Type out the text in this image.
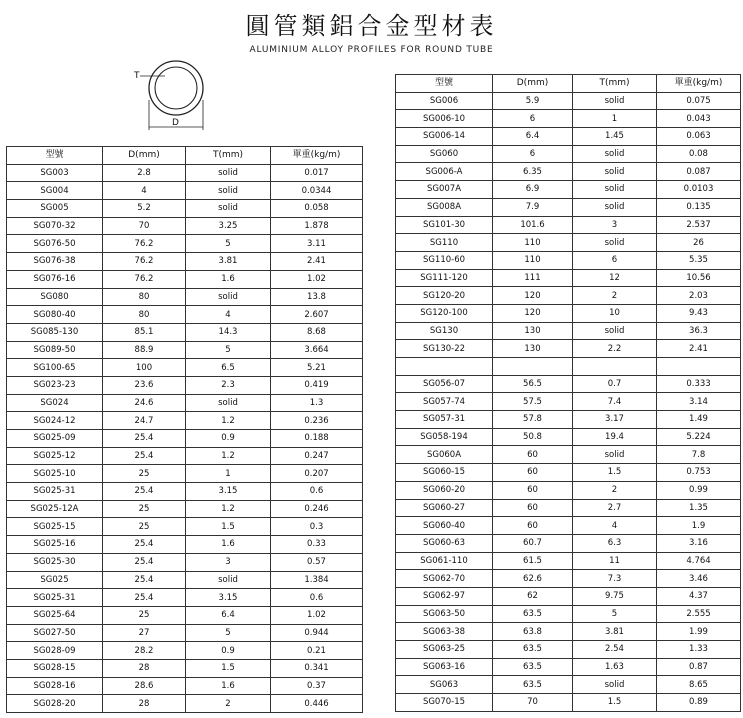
圓管類鋁合金型材表
ALUMINIUM ALLOY PROFILES FOR ROUND TUBE
T
D
型號	D(mm)	T(mm)	單重(kg/m)
SG003	2.8	solid	0.017
SG004	4	solid	0.0344
SG005	5.2	solid	0.058
SG070-32	70	3.25	1.878
SG076-50	76.2	5	3.11
SG076-38	76.2	3.81	2.41
SG076-16	76.2	1.6	1.02
SG080	80	solid	13.8
SG080-40	80	4	2.607
SG085-130	85.1	14.3	8.68
SG089-50	88.9	5	3.664
SG100-65	100	6.5	5.21
SG023-23	23.6	2.3	0.419
SG024	24.6	solid	1.3
SG024-12	24.7	1.2	0.236
SG025-09	25.4	0.9	0.188
SG025-12	25.4	1.2	0.247
SG025-10	25	1	0.207
SG025-31	25.4	3.15	0.6
SG025-12A	25	1.2	0.246
SG025-15	25	1.5	0.3
SG025-16	25.4	1.6	0.33
SG025-30	25.4	3	0.57
SG025	25.4	solid	1.384
SG025-31	25.4	3.15	0.6
SG025-64	25	6.4	1.02
SG027-50	27	5	0.944
SG028-09	28.2	0.9	0.21
SG028-15	28	1.5	0.341
SG028-16	28.6	1.6	0.37
SG028-20	28	2	0.446
型號	D(mm)	T(mm)	單重(kg/m)
SG006	5.9	solid	0.075
SG006-10	6	1	0.043
SG006-14	6.4	1.45	0.063
SG060	6	solid	0.08
SG006-A	6.35	solid	0.087
SG007A	6.9	solid	0.0103
SG008A	7.9	solid	0.135
SG101-30	101.6	3	2.537
SG110	110	solid	26
SG110-60	110	6	5.35
SG111-120	111	12	10.56
SG120-20	120	2	2.03
SG120-100	120	10	9.43
SG130	130	solid	36.3
SG130-22	130	2.2	2.41

SG056-07	56.5	0.7	0.333
SG057-74	57.5	7.4	3.14
SG057-31	57.8	3.17	1.49
SG058-194	50.8	19.4	5.224
SG060A	60	solid	7.8
SG060-15	60	1.5	0.753
SG060-20	60	2	0.99
SG060-27	60	2.7	1.35
SG060-40	60	4	1.9
SG060-63	60.7	6.3	3.16
SG061-110	61.5	11	4.764
SG062-70	62.6	7.3	3.46
SG062-97	62	9.75	4.37
SG063-50	63.5	5	2.555
SG063-38	63.8	3.81	1.99
SG063-25	63.5	2.54	1.33
SG063-16	63.5	1.63	0.87
SG063	63.5	solid	8.65
SG070-15	70	1.5	0.89
